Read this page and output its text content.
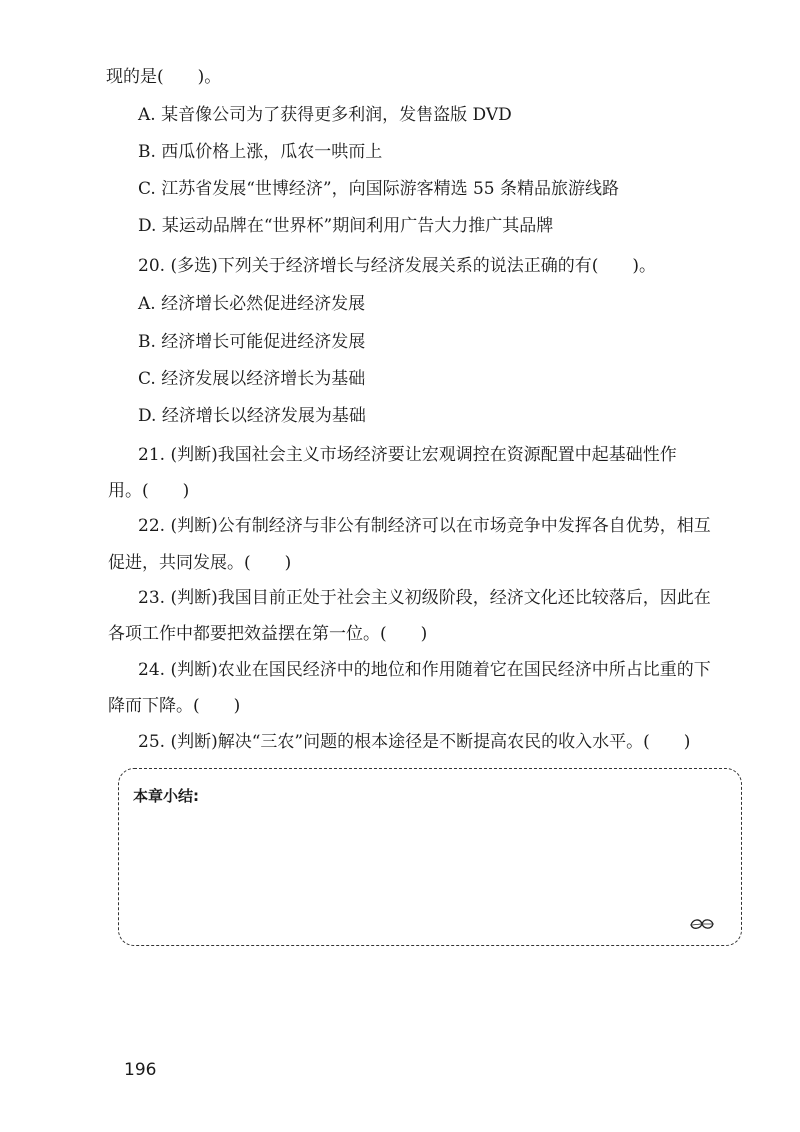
现的是(　　)。
A. 某音像公司为了获得更多利润，发售盗版 DVD
B. 西瓜价格上涨，瓜农一哄而上
C. 江苏省发展“世博经济”，向国际游客精选 55 条精品旅游线路
D. 某运动品牌在“世界杯”期间利用广告大力推广其品牌
20. (多选)下列关于经济增长与经济发展关系的说法正确的有(　　)。
A. 经济增长必然促进经济发展
B. 经济增长可能促进经济发展
C. 经济发展以经济增长为基础
D. 经济增长以经济发展为基础
21. (判断)我国社会主义市场经济要让宏观调控在资源配置中起基础性作
用。(　　)
22. (判断)公有制经济与非公有制经济可以在市场竞争中发挥各自优势，相互
促进，共同发展。(　　)
23. (判断)我国目前正处于社会主义初级阶段，经济文化还比较落后，因此在
各项工作中都要把效益摆在第一位。(　　)
24. (判断)农业在国民经济中的地位和作用随着它在国民经济中所占比重的下
降而下降。(　　)
25. (判断)解决“三农”问题的根本途径是不断提高农民的收入水平。(　　)
本章小结:
196
